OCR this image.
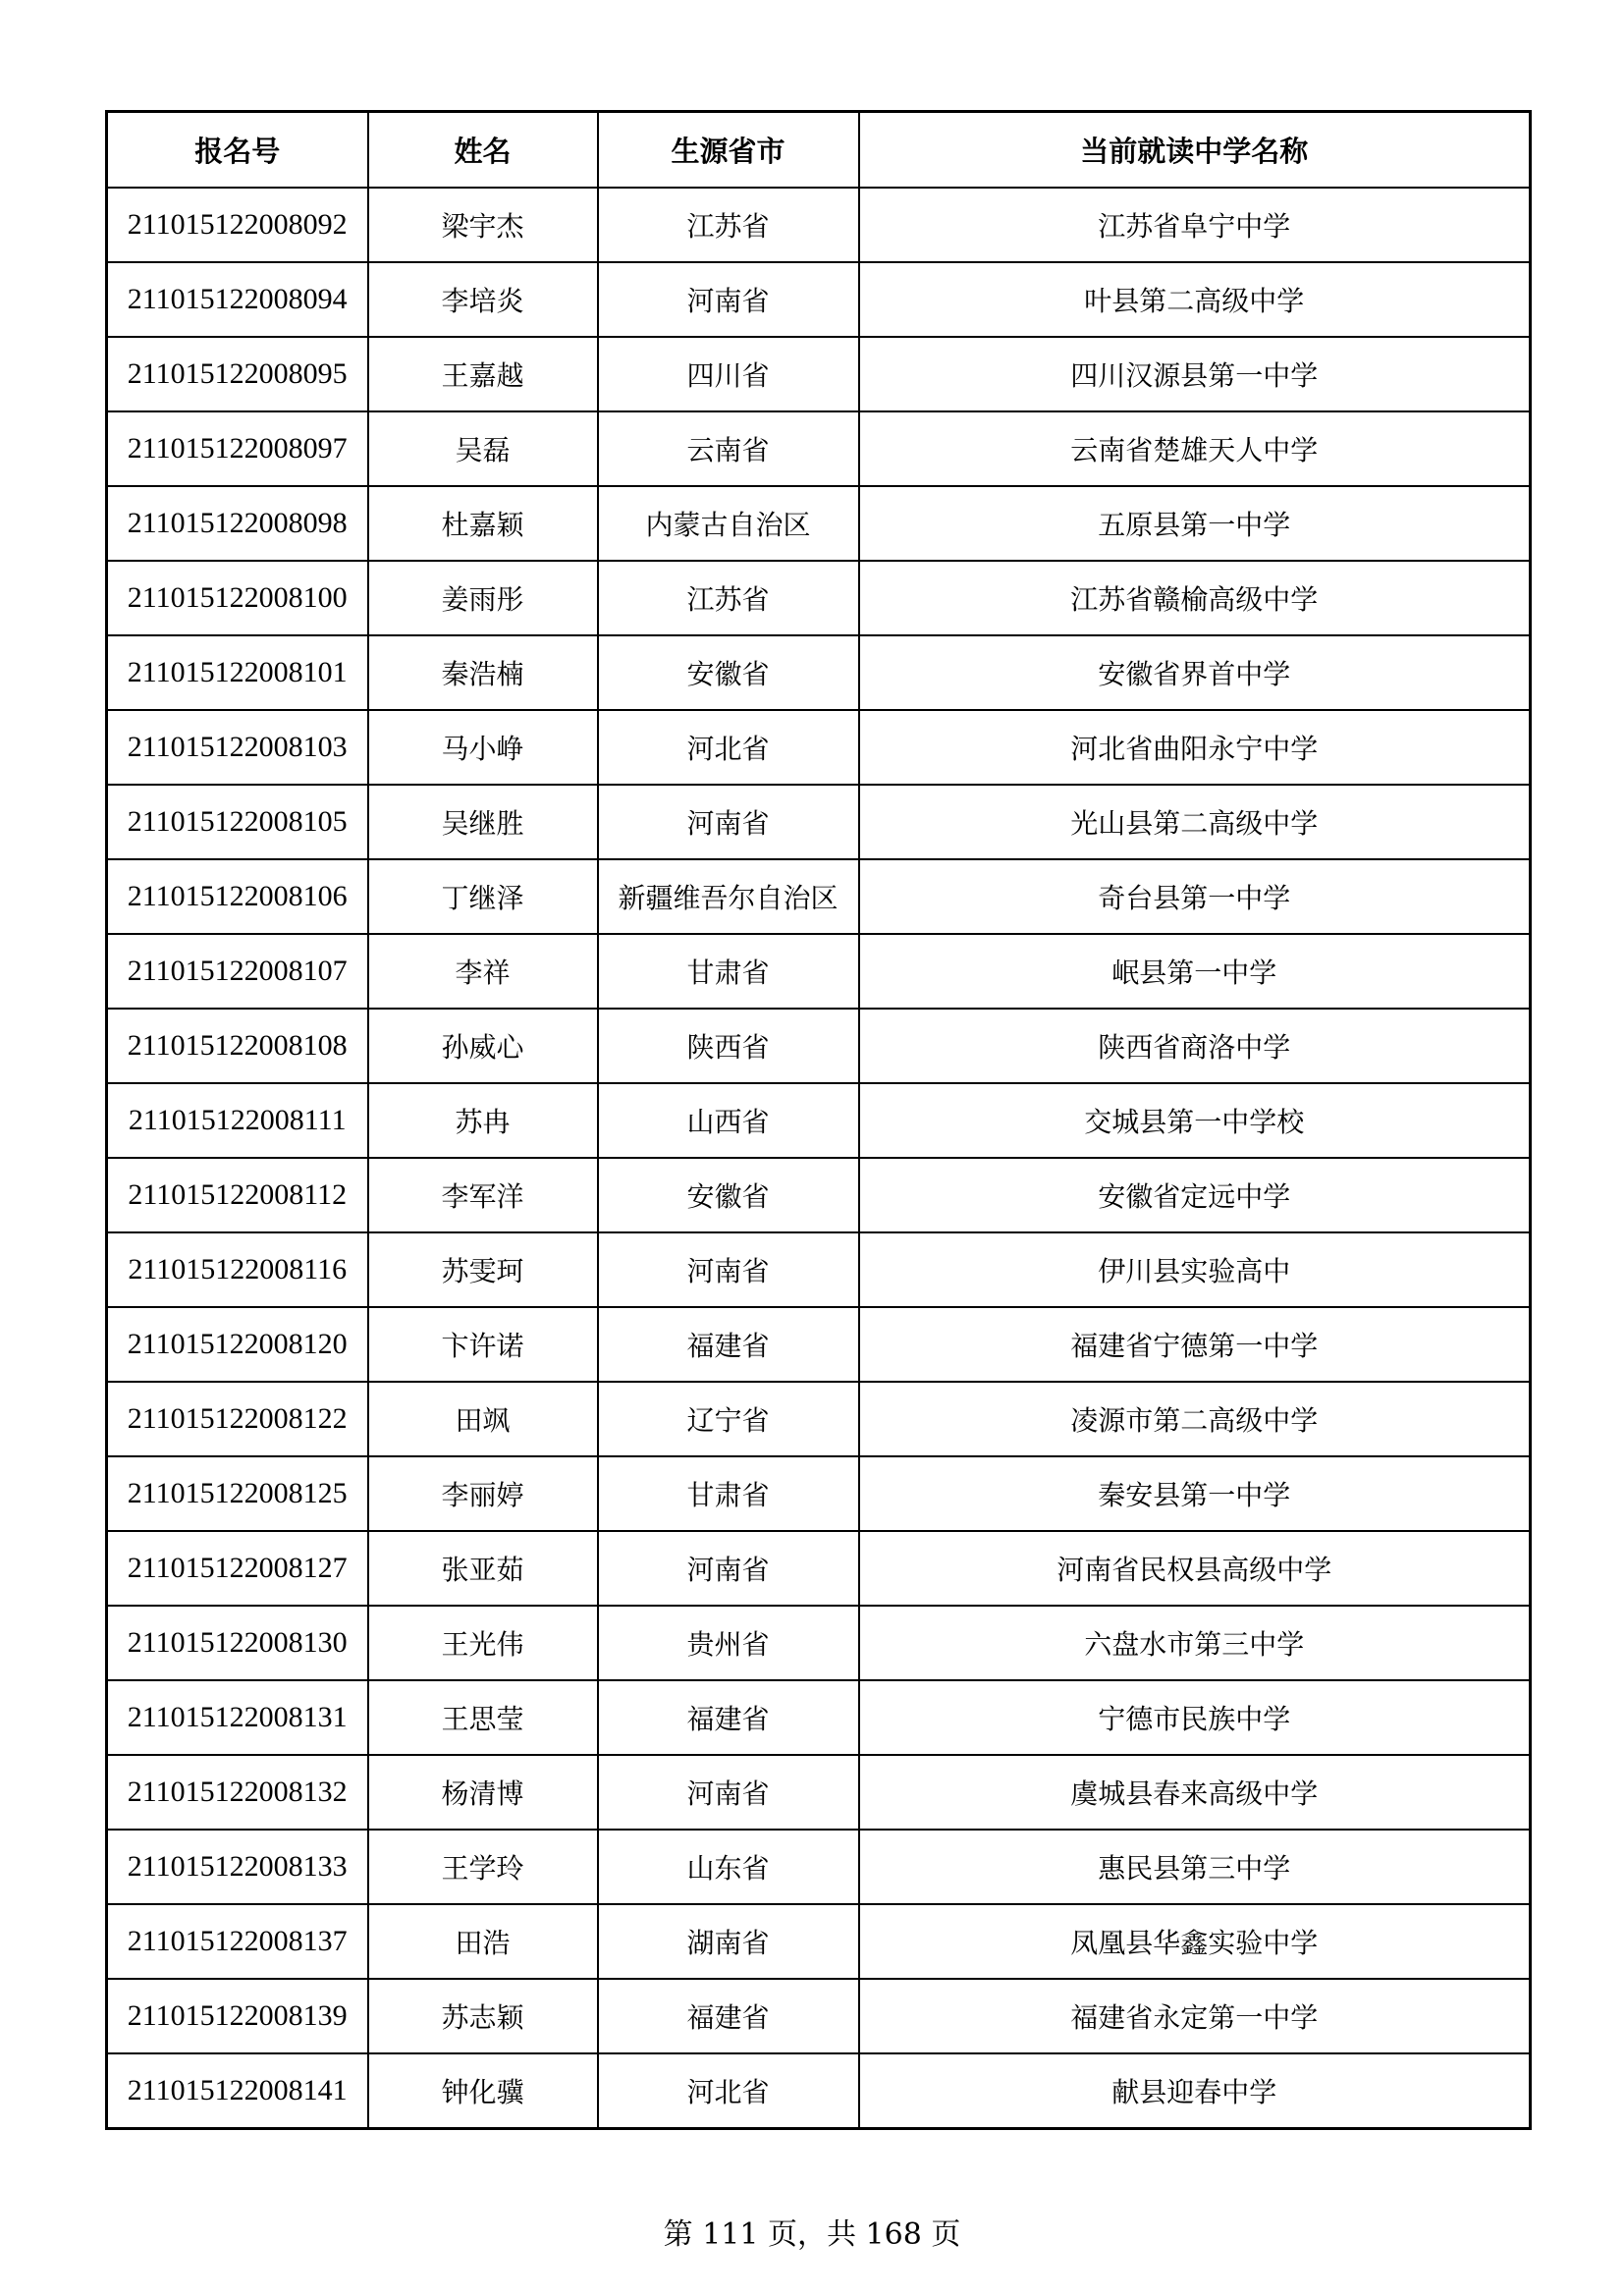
报名号	姓名	生源省市	当前就读中学名称
211015122008092	梁宇杰	江苏省	江苏省阜宁中学
211015122008094	李培炎	河南省	叶县第二高级中学
211015122008095	王嘉越	四川省	四川汉源县第一中学
211015122008097	吴磊	云南省	云南省楚雄天人中学
211015122008098	杜嘉颖	内蒙古自治区	五原县第一中学
211015122008100	姜雨彤	江苏省	江苏省赣榆高级中学
211015122008101	秦浩楠	安徽省	安徽省界首中学
211015122008103	马小峥	河北省	河北省曲阳永宁中学
211015122008105	吴继胜	河南省	光山县第二高级中学
211015122008106	丁继泽	新疆维吾尔自治区	奇台县第一中学
211015122008107	李祥	甘肃省	岷县第一中学
211015122008108	孙威心	陕西省	陕西省商洛中学
211015122008111	苏冉	山西省	交城县第一中学校
211015122008112	李军洋	安徽省	安徽省定远中学
211015122008116	苏雯珂	河南省	伊川县实验高中
211015122008120	卞许诺	福建省	福建省宁德第一中学
211015122008122	田飒	辽宁省	凌源市第二高级中学
211015122008125	李丽婷	甘肃省	秦安县第一中学
211015122008127	张亚茹	河南省	河南省民权县高级中学
211015122008130	王光伟	贵州省	六盘水市第三中学
211015122008131	王思莹	福建省	宁德市民族中学
211015122008132	杨清博	河南省	虞城县春来高级中学
211015122008133	王学玲	山东省	惠民县第三中学
211015122008137	田浩	湖南省	凤凰县华鑫实验中学
211015122008139	苏志颖	福建省	福建省永定第一中学
211015122008141	钟化骥	河北省	献县迎春中学
第 111 页，共 168 页
